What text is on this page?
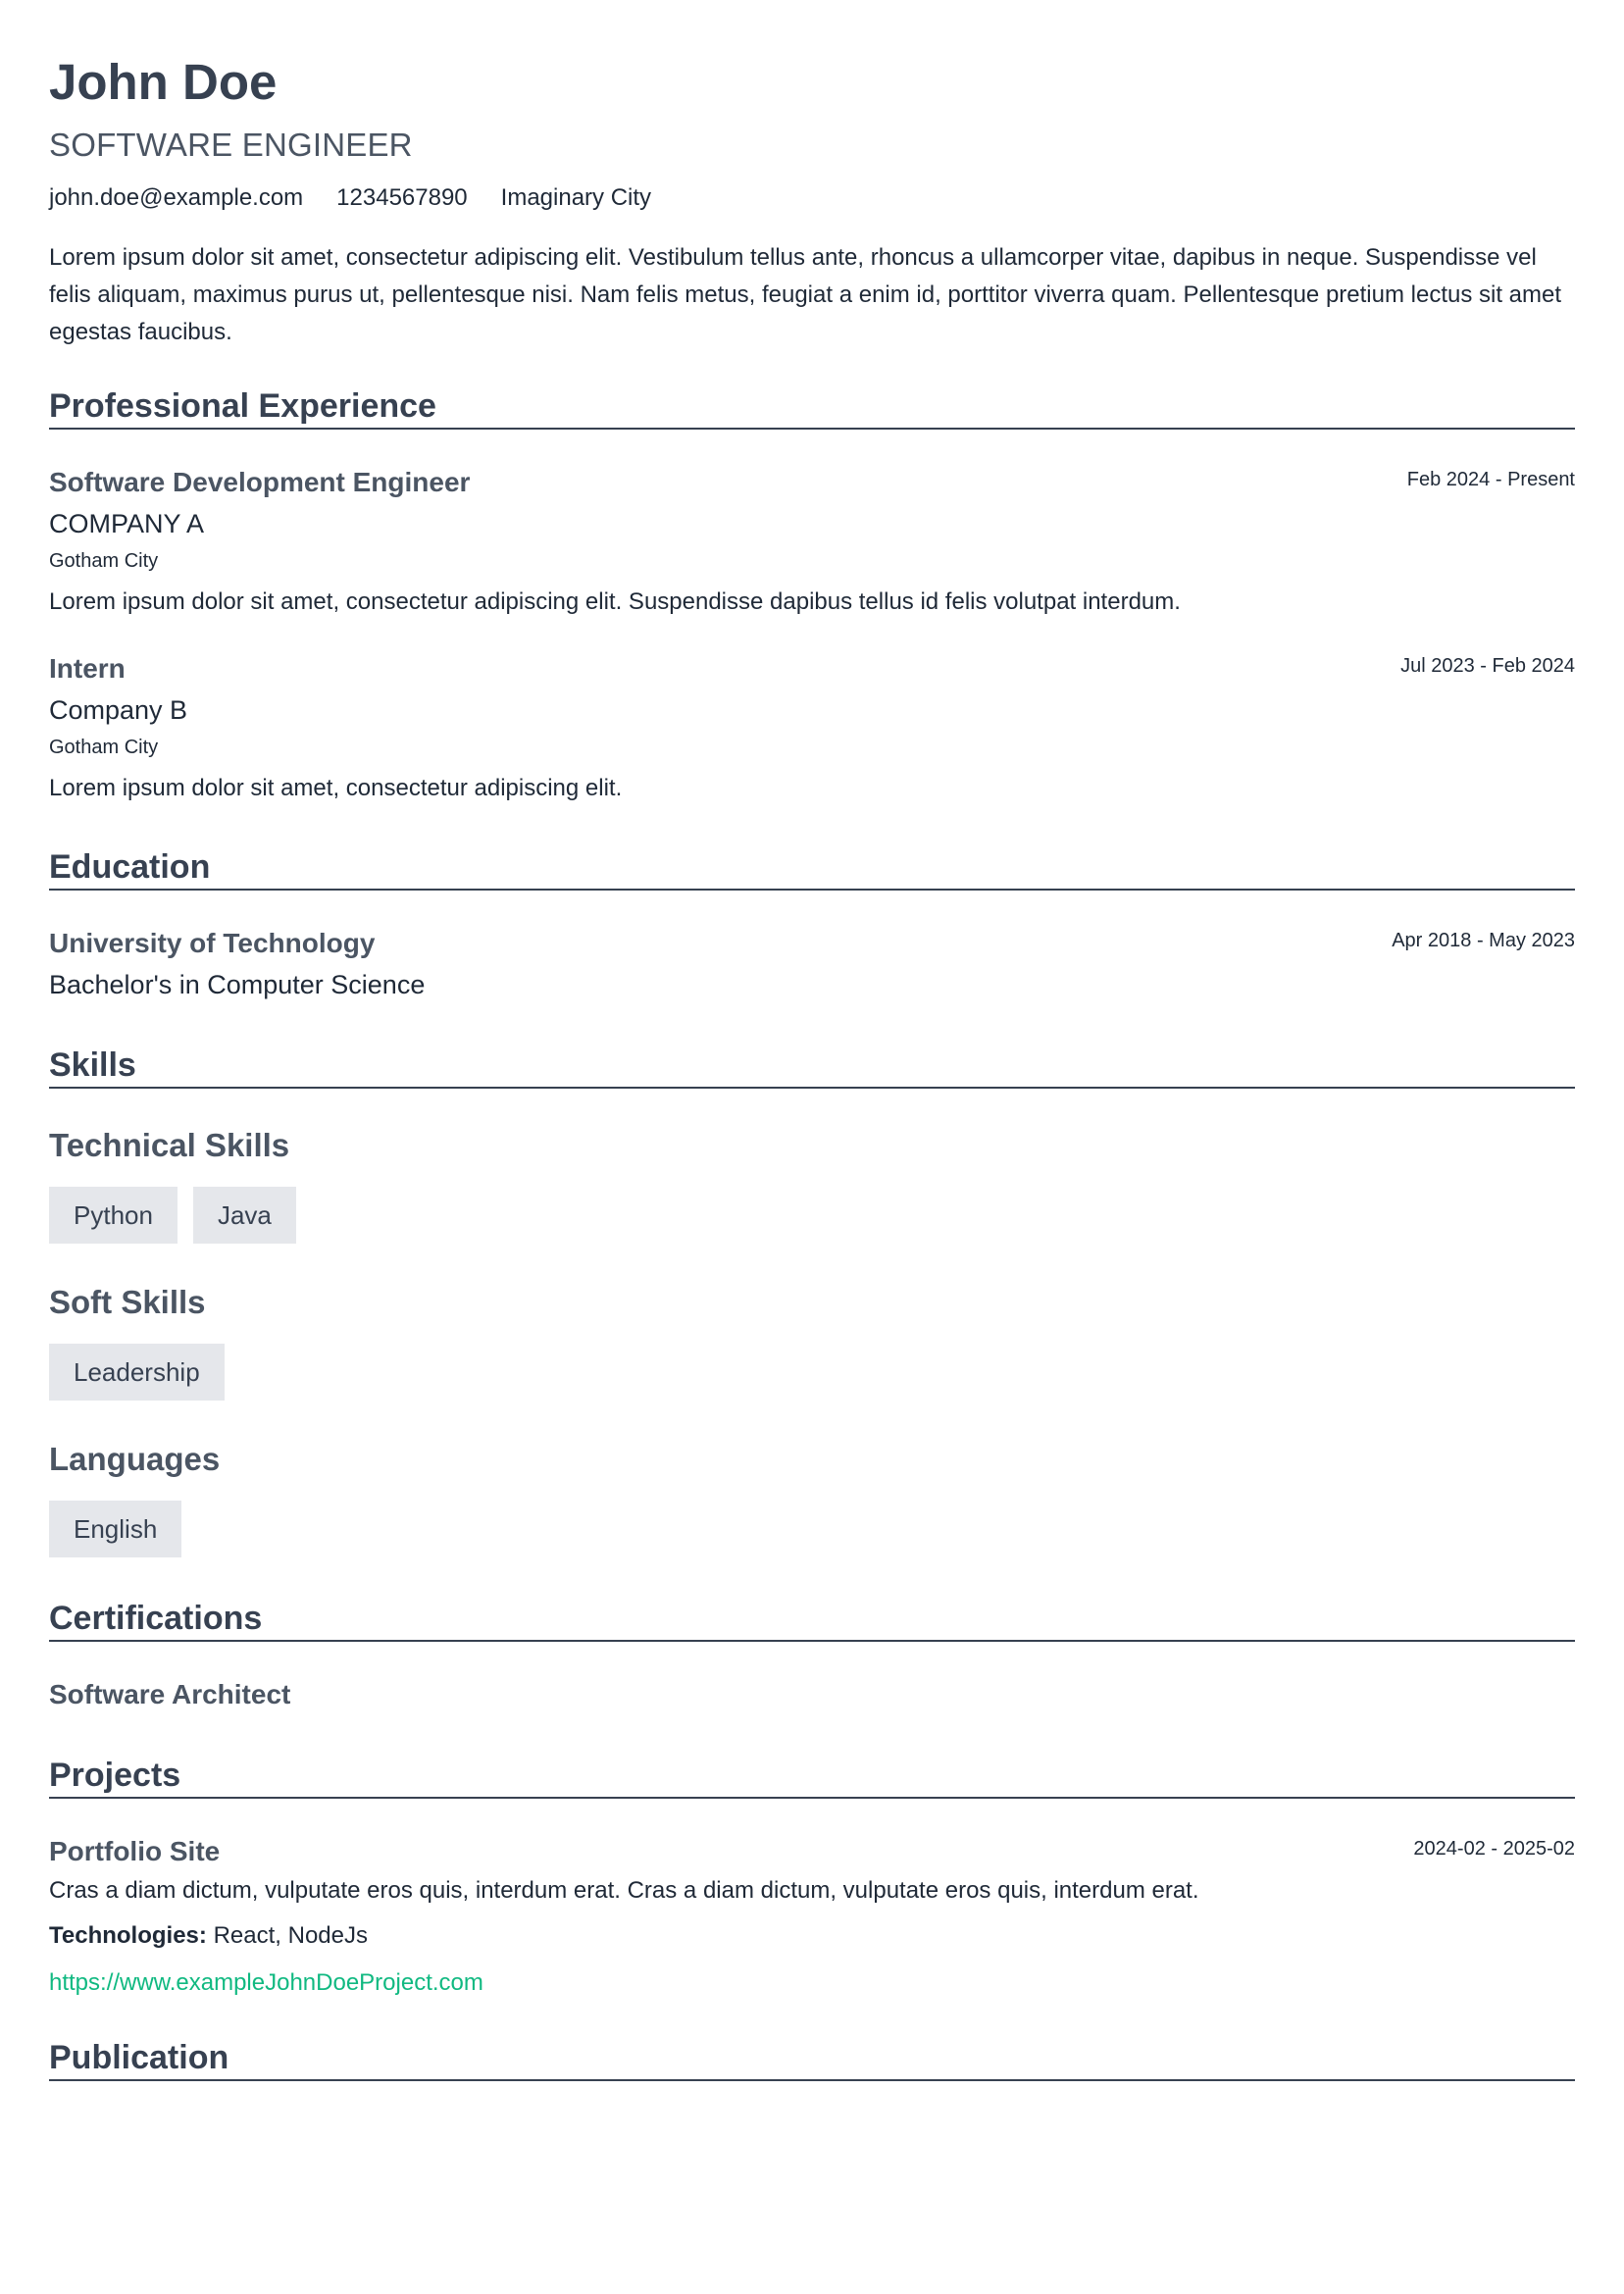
John Doe
SOFTWARE ENGINEER
john.doe@example.com 1234567890 Imaginary City
Lorem ipsum dolor sit amet, consectetur adipiscing elit. Vestibulum tellus ante, rhoncus a ullamcorper vitae, dapibus in neque. Suspendisse vel felis aliquam, maximus purus ut, pellentesque nisi. Nam felis metus, feugiat a enim id, porttitor viverra quam. Pellentesque pretium lectus sit amet egestas faucibus.
Professional Experience
Software Development Engineer	Feb 2024 - Present
COMPANY A
Gotham City
Lorem ipsum dolor sit amet, consectetur adipiscing elit. Suspendisse dapibus tellus id felis volutpat interdum.
Intern	Jul 2023 - Feb 2024
Company B
Gotham City
Lorem ipsum dolor sit amet, consectetur adipiscing elit.
Education
University of Technology	Apr 2018 - May 2023
Bachelor's in Computer Science
Skills
Technical Skills
Python	Java
Soft Skills
Leadership
Languages
English
Certifications
Software Architect
Projects
Portfolio Site	2024-02 - 2025-02
Cras a diam dictum, vulputate eros quis, interdum erat. Cras a diam dictum, vulputate eros quis, interdum erat.
Technologies: React, NodeJs
https://www.exampleJohnDoeProject.com
Publication
